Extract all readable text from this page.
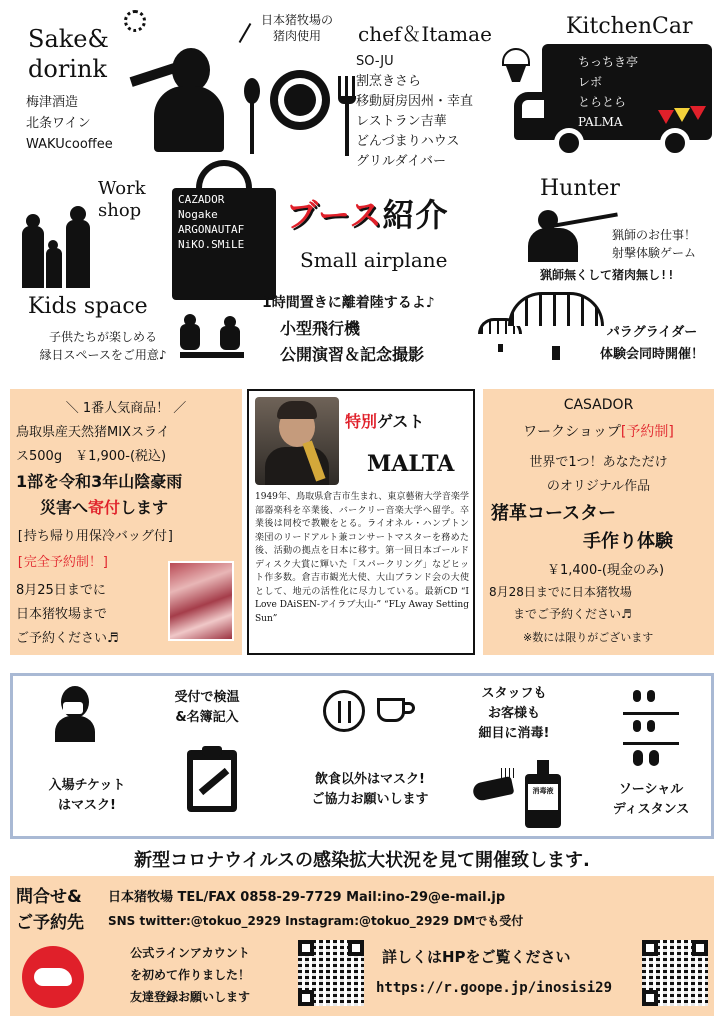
Sake&
dorink
梅津酒造
北条ワイン
WAKUcooffee
日本猪牧場の
猪肉使用	chef＆Itamae
SO-JU
割烹きさら
移動厨房因州・幸直
レストラン吉華
どんづまりハウス
グリルダイバー
KitchenCar
ちっちき亭
レボ
とらとら
PALMA
Work
shop
CAZADOR
Nogake
ARGONAUTAF
NiKO.SMiLE
ブース紹介
Small airplane
Hunter
猟師のお仕事！
射撃体験ゲーム
猟師無くして猪肉無し!!
Kids space
子供たちが楽しめる
縁日スペースをご用意♪
1時間置きに離着陸するよ♪
小型飛行機
公開演習＆記念撮影
パラグライダー
体験会同時開催！
＼ 1番人気商品！ ／
鳥取県産天然猪MIXスライ
ス500g　￥1,900-(税込)
1部を令和3年山陰豪雨
災害へ寄付します
[持ち帰り用保冷バッグ付]
[完全予約制！]
8月25日までに
日本猪牧場まで
ご予約ください♬
特別ゲスト
MALTA
1949年、鳥取県倉吉市生まれ、東京藝術大学音楽学部器楽科を卒業後、バークリー音楽大学へ留学。卒業後は同校で教鞭をとる。ライオネル・ハンプトン楽団のリードアルト兼コンサートマスターを務めた後、活動の拠点を日本に移す。第一回日本ゴールドディスク大賞に輝いた「スパークリング」などヒット作多数。倉吉市観光大使、大山ブランド会の大使として、地元の活性化に尽力している。最新CD “I Love DAiSEN-アイラブ大山-” “FLy Away Setting Sun”
CASADOR
ワークショップ[予約制]
世界で1つ！あなただけ
のオリジナル作品
猪革コースター
手作り体験
￥1,400-(現金のみ)
8月28日までに日本猪牧場
までご予約ください♬
※数には限りがございます
入場チケット
はマスク!
受付で検温
&名簿記入
飲食以外はマスク!
ご協力お願いします
スタッフも
お客様も
細目に消毒!
消毒液	ソーシャル
ディスタンス
新型コロナウイルスの感染拡大状況を見て開催致します.
問合せ&
ご予約先
日本猪牧場 TEL/FAX 0858-29-7729 Mail:ino-29@e-mail.jp
SNS twitter:@tokuo_2929 Instagram:@tokuo_2929 DMでも受付
公式ラインアカウント
を初めて作りました！
友達登録お願いします
詳しくはHPをご覧ください
https://r.goope.jp/inosisi29
